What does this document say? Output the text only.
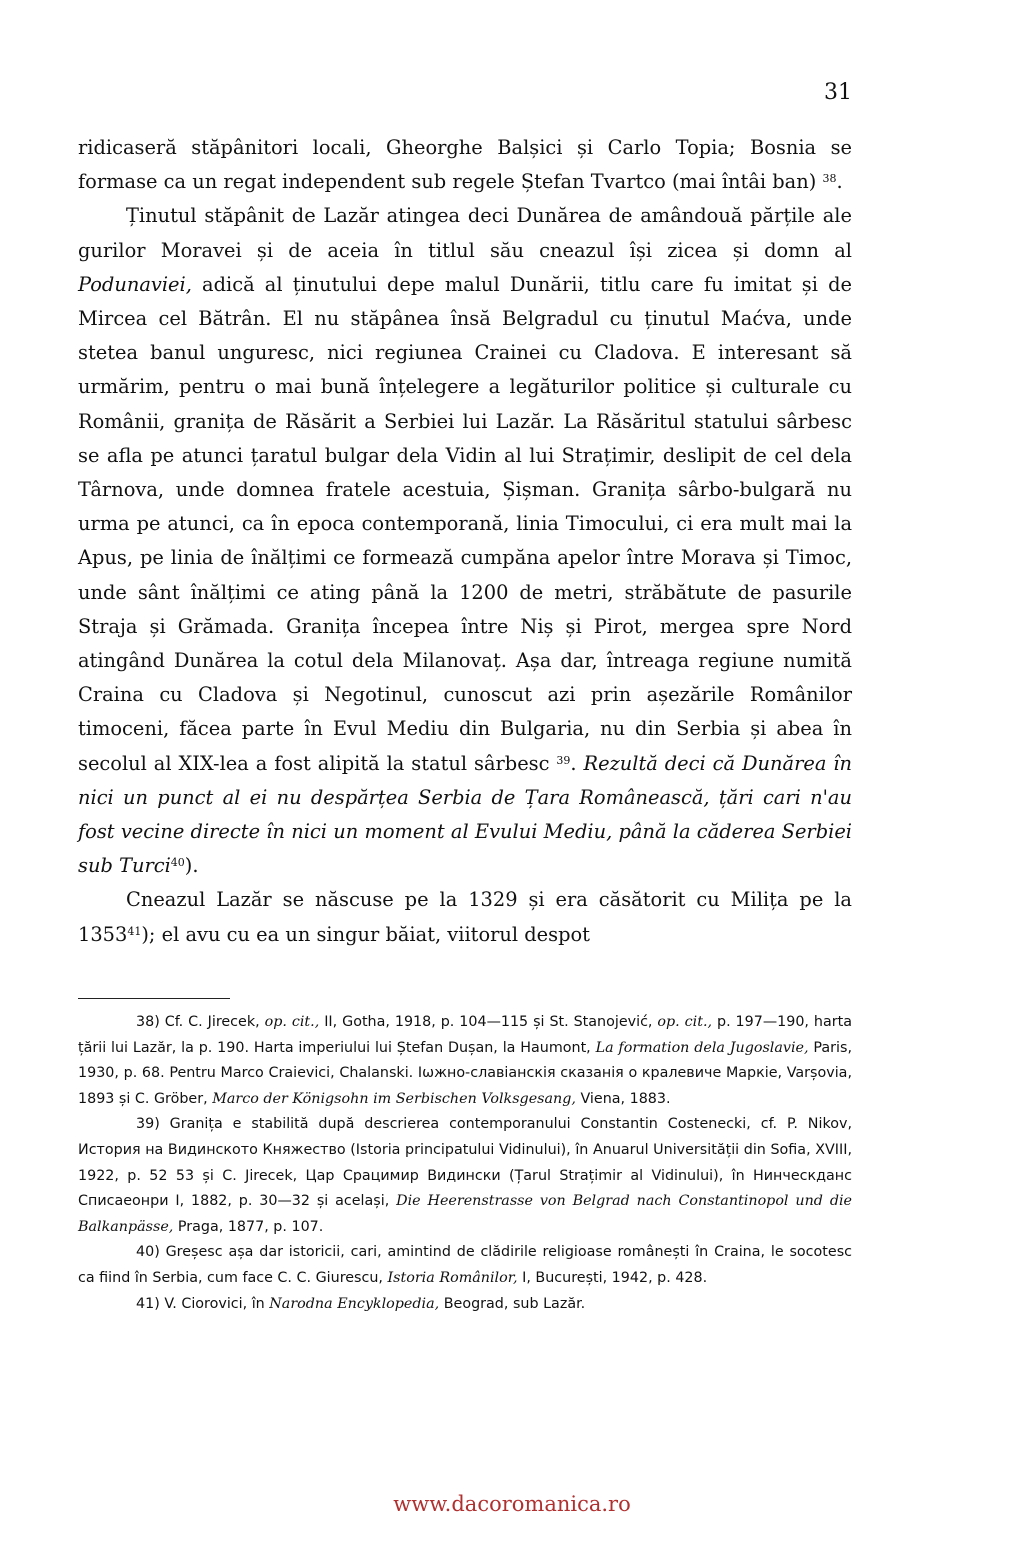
31

ridicaseră stăpânitori locali, Gheorghe Balșici și Carlo Topia; Bosnia se formase ca un regat independent sub regele Ștefan Tvartco (mai întâi ban) $^{38}$.

Ținutul stăpânit de Lazăr atingea deci Dunărea de amândouă părțile ale gurilor Moravei și de aceia în titlul său cneazul își zicea și domn al Podunaviei, adică al ținutului depe malul Dunării, titlu care fu imitat și de Mircea cel Bătrân. El nu stăpânea însă Belgradul cu ținutul Maćva, unde stetea banul unguresc, nici regiunea Crainei cu Cladova. E interesant să urmărim, pentru o mai bună înțelegere a legăturilor politice și culturale cu Românii, granița de Răsărit a Serbiei lui Lazăr. La Răsăritul statului sârbesc se afla pe atunci țaratul bulgar dela Vidin al lui Strațimir, deslipit de cel dela Târnova, unde domnea fratele acestuia, Șișman. Granița sârbo-bulgară nu urma pe atunci, ca în epoca contemporană, linia Timocului, ci era mult mai la Apus, pe linia de înălțimi ce formează cumpăna apelor între Morava și Timoc, unde sânt înălțimi ce ating până la 1200 de metri, străbătute de pasurile Straja și Grămada. Granița începea între Niș și Pirot, mergea spre Nord atingând Dunărea la cotul dela Milanovaț. Așa dar, întreaga regiune numită Craina cu Cladova și Negotinul, cunoscut azi prin așezările Românilor timoceni, făcea parte în Evul Mediu din Bulgaria, nu din Serbia și abea în secolul al XIX-lea a fost alipită la statul sârbesc $^{39}$. Rezultă deci că Dunărea în nici un punct al ei nu despărțea Serbia de Țara Românească, țări cari n'au fost vecine directe în nici un moment al Evului Mediu, până la căderea Serbiei sub Turci$^{40}$).

Cneazul Lazăr se născuse pe la 1329 și era căsătorit cu Milița pe la 1353$^{41}$); el avu cu ea un singur băiat, viitorul despot

38) Cf. C. Jirecek, op. cit., II, Gotha, 1918, p. 104—115 și St. Stanojević, op. cit., p. 197—190, harta țării lui Lazăr, la p. 190. Harta imperiului lui Ștefan Dușan, la Haumont, La formation dela Jugoslavie, Paris, 1930, p. 68. Pentru Marco Craievici, Chalanski. Іѡжно-славіанскія сказанія о кралевиче Маркіе, Varșovia, 1893 și C. Gröber, Marco der Königsohn im Serbischen Volksgesang, Viena, 1883.

39) Granița e stabilită după descrierea contemporanului Constantin Costenecki, cf. P. Nikov, История на Видинското Княжество (Istoria principatului Vidinului), în Anuarul Universității din Sofia, XVIII, 1922, p. 52 53 și C. Jirecek, Цар Срацимир Видински (Țarul Strațimir al Vidinului), în Нинческданс Списаеонри I, 1882, p. 30—32 și același, Die Heerenstrasse von Belgrad nach Constantinopol und die Balkanpässe, Praga, 1877, p. 107.

40) Greșesc așa dar istoricii, cari, amintind de clădirile religioase românești în Craina, le socotesc ca fiind în Serbia, cum face C. C. Giurescu, Istoria Românilor, I, București, 1942, p. 428.

41) V. Ciorovici, în Narodna Encyklopedia, Beograd, sub Lazăr.

www.dacoromanica.ro
